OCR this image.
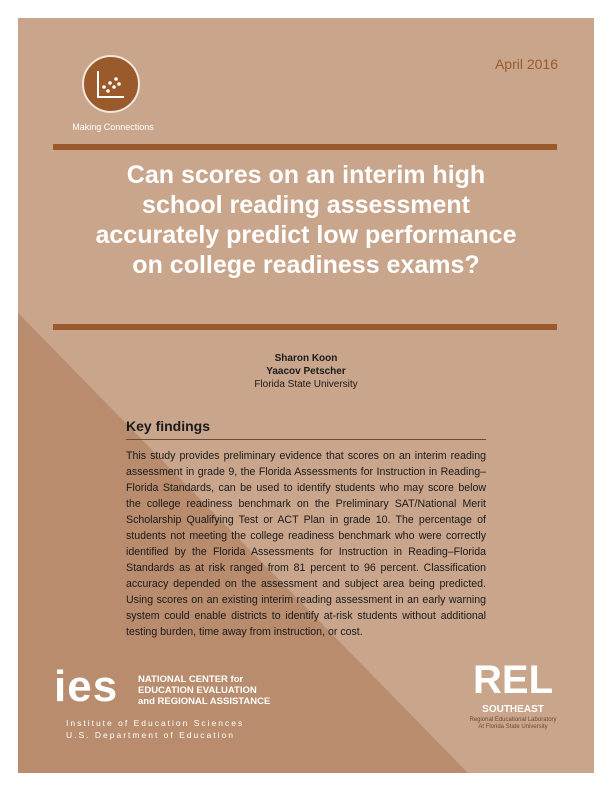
Making Connections
April 2016
Can scores on an interim high school reading assessment accurately predict low performance on college readiness exams?
Sharon Koon
Yaacov Petscher
Florida State University
Key findings
This study provides preliminary evidence that scores on an interim reading assessment in grade 9, the Florida Assessments for Instruction in Reading–Florida Standards, can be used to identify students who may score below the college readiness benchmark on the Preliminary SAT/National Merit Scholarship Qualifying Test or ACT Plan in grade 10. The percentage of students not meeting the college readiness benchmark who were correctly identified by the Florida Assessments for Instruction in Reading–Florida Standards as at risk ranged from 81 percent to 96 percent. Classification accuracy depended on the assessment and subject area being predicted. Using scores on an existing interim reading assessment in an early warning system could enable districts to identify at-risk students without additional testing burden, time away from instruction, or cost.
ies NATIONAL CENTER for
EDUCATION EVALUATION
and REGIONAL ASSISTANCE
Institute of Education Sciences
U.S. Department of Education
REL
SOUTHEAST
Regional Educational Laboratory
At Florida State University
